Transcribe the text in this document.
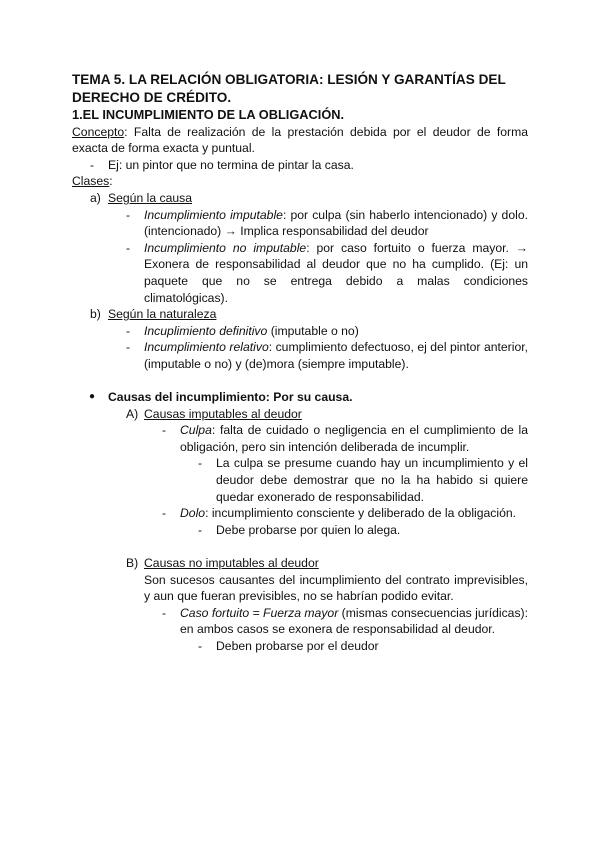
TEMA 5. LA RELACIÓN OBLIGATORIA: LESIÓN Y GARANTÍAS DEL DERECHO DE CRÉDITO.

1.EL INCUMPLIMIENTO DE LA OBLIGACIÓN.

Concepto: Falta de realización de la prestación debida por el deudor de forma exacta de forma exacta y puntual.

- Ej: un pintor que no termina de pintar la casa.

Clases:

a) Según la causa
- Incumplimiento imputable: por culpa (sin haberlo intencionado) y dolo. (intencionado) → Implica responsabilidad del deudor
- Incumplimiento no imputable: por caso fortuito o fuerza mayor. → Exonera de responsabilidad al deudor que no ha cumplido. (Ej: un paquete que no se entrega debido a malas condiciones climatológicas).
b) Según la naturaleza
- Incuplimiento definitivo (imputable o no)
- Incumplimiento relativo: cumplimiento defectuoso, ej del pintor anterior, (imputable o no) y (de)mora (siempre imputable).
● Causas del incumplimiento: Por su causa.
A) Causas imputables al deudor
- Culpa: falta de cuidado o negligencia en el cumplimiento de la obligación, pero sin intención deliberada de incumplir.
- La culpa se presume cuando hay un incumplimiento y el deudor debe demostrar que no la ha habido si quiere quedar exonerado de responsabilidad.
- Dolo: incumplimiento consciente y deliberado de la obligación.
- Debe probarse por quien lo alega.
B) Causas no imputables al deudor

Son sucesos causantes del incumplimiento del contrato imprevisibles, y aun que fueran previsibles, no se habrían podido evitar.

- Caso fortuito = Fuerza mayor (mismas consecuencias jurídicas): en ambos casos se exonera de responsabilidad al deudor.
- Deben probarse por el deudor
